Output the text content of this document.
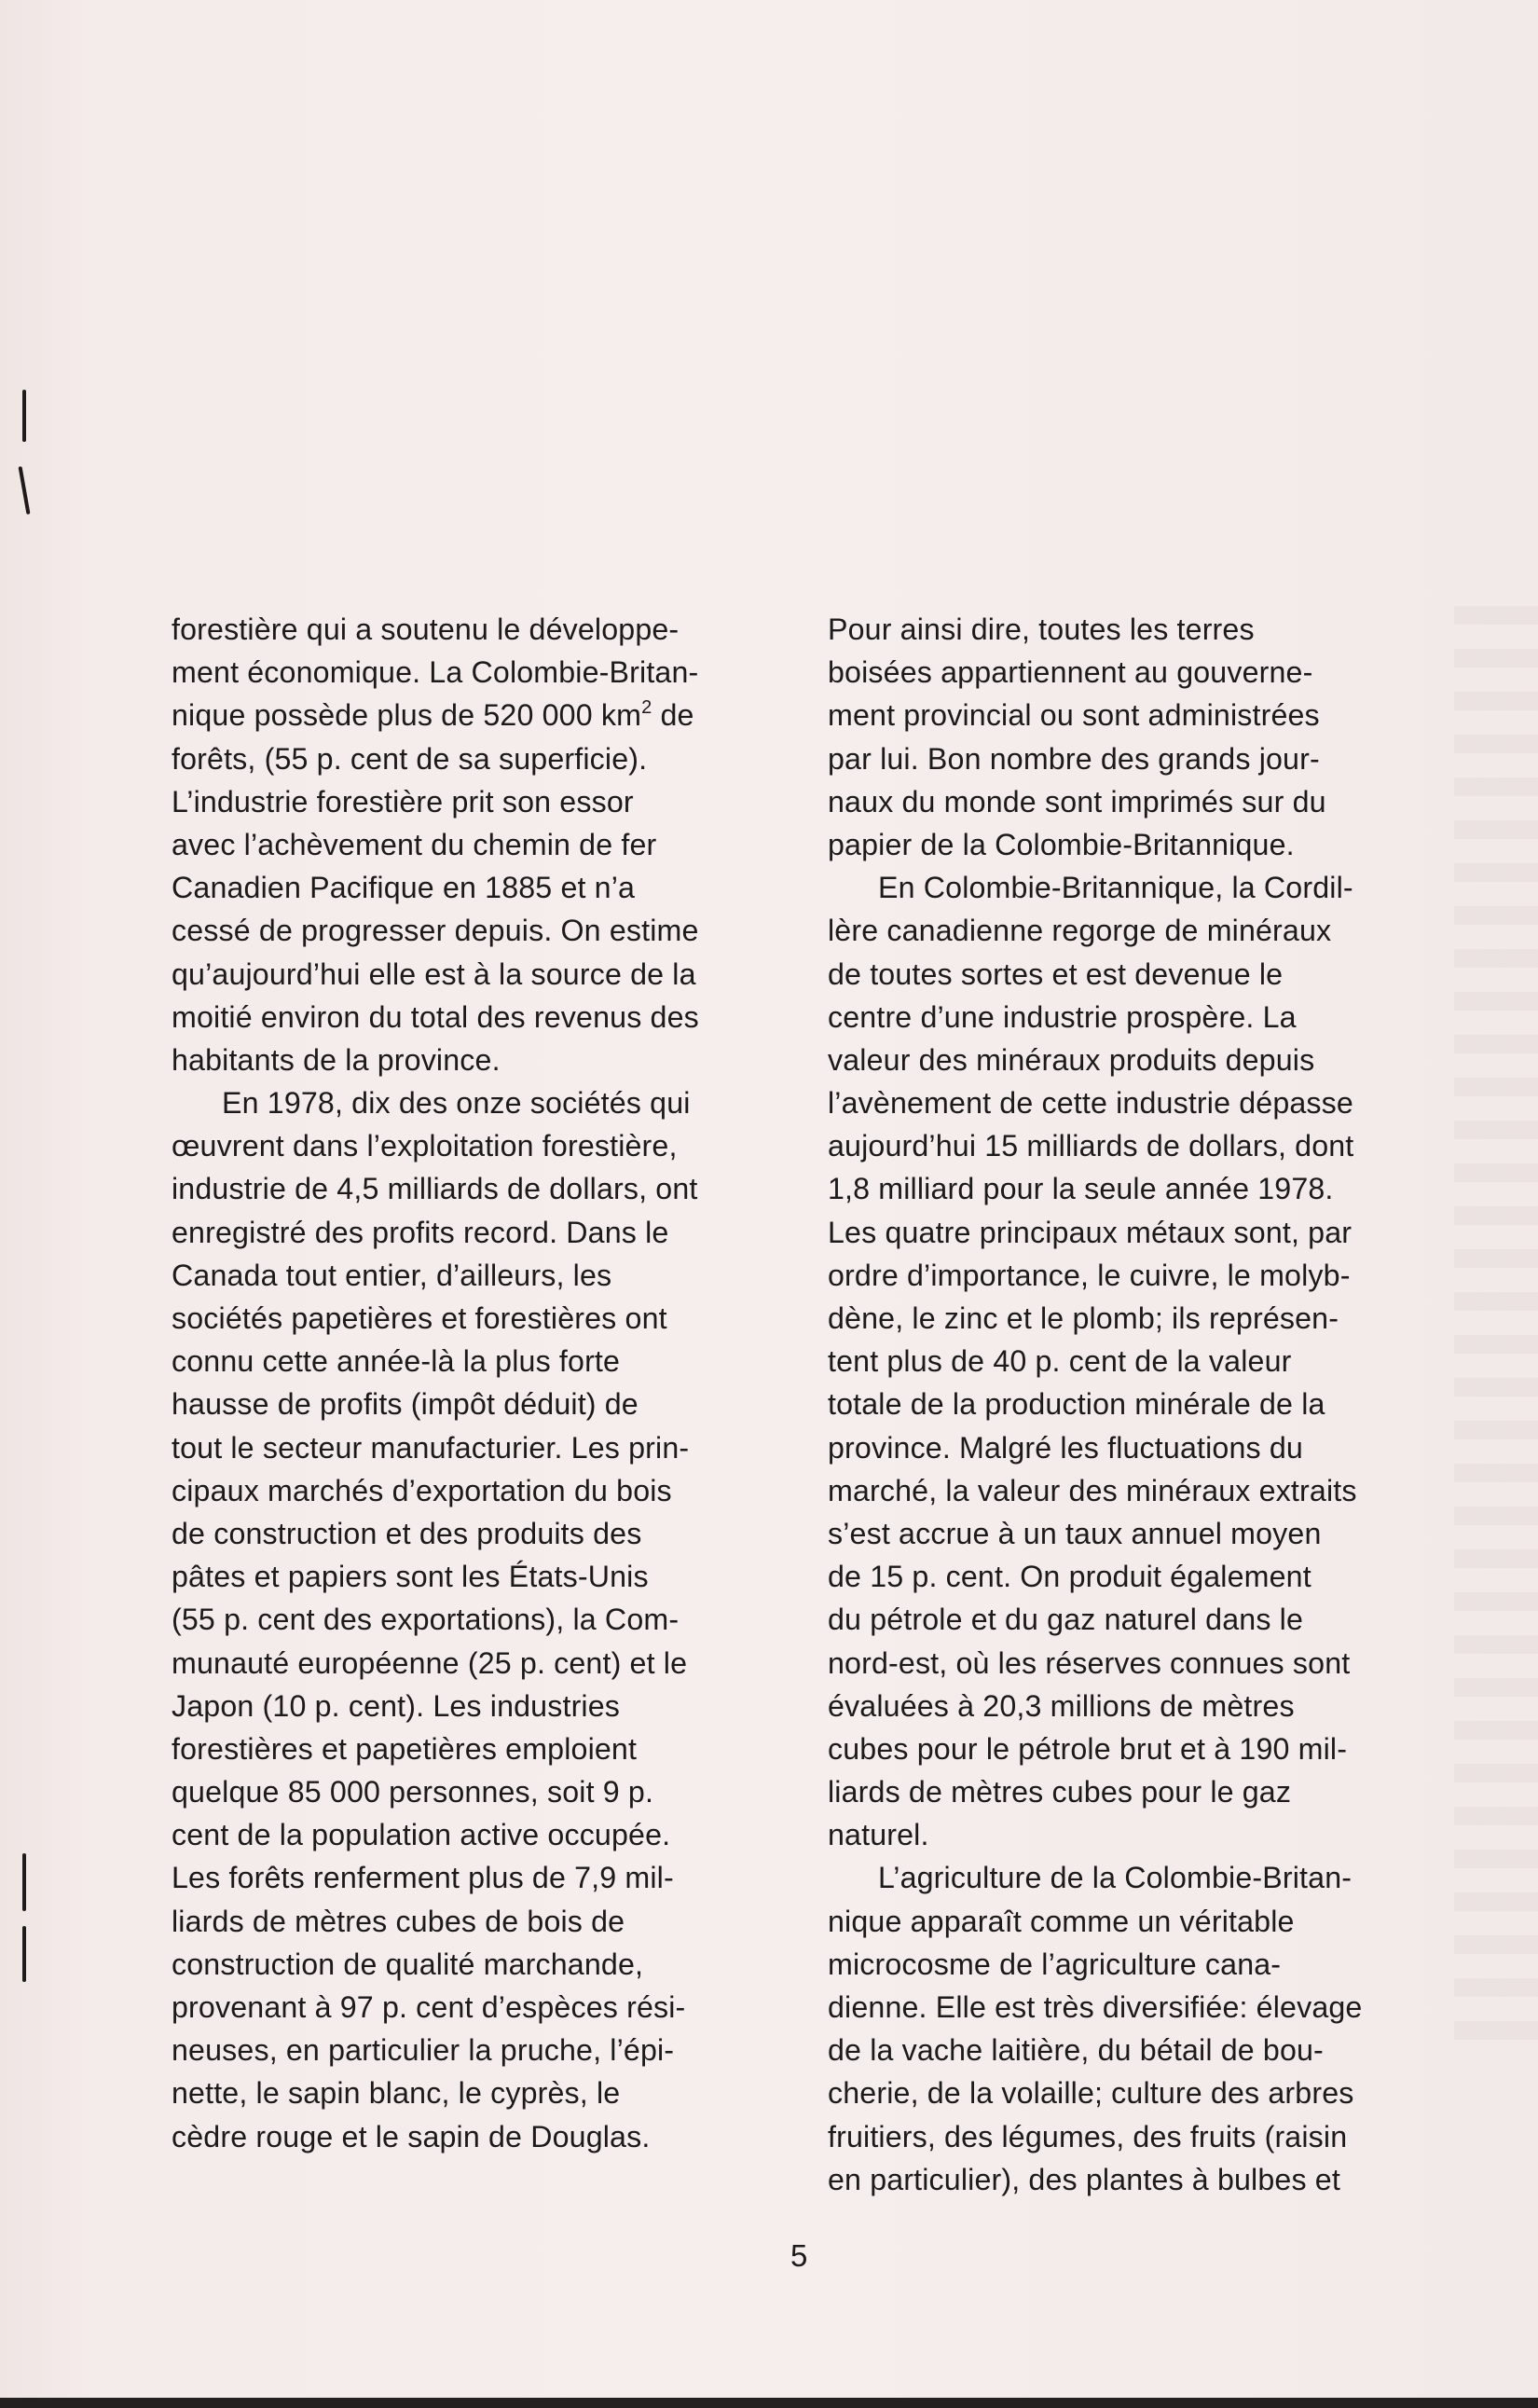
forestière qui a soutenu le développe-
ment économique. La Colombie-Britan-
nique possède plus de 520 000 $km^2$ de
forêts, (55 p. cent de sa superficie).
L’industrie forestière prit son essor
avec l’achèvement du chemin de fer
Canadien Pacifique en 1885 et n’a
cessé de progresser depuis. On estime
qu’aujourd’hui elle est à la source de la
moitié environ du total des revenus des
habitants de la province.
En 1978, dix des onze sociétés qui
œuvrent dans l’exploitation forestière,
industrie de 4,5 milliards de dollars, ont
enregistré des profits record. Dans le
Canada tout entier, d’ailleurs, les
sociétés papetières et forestières ont
connu cette année-là la plus forte
hausse de profits (impôt déduit) de
tout le secteur manufacturier. Les prin-
cipaux marchés d’exportation du bois
de construction et des produits des
pâtes et papiers sont les États-Unis
(55 p. cent des exportations), la Com-
munauté européenne (25 p. cent) et le
Japon (10 p. cent). Les industries
forestières et papetières emploient
quelque 85 000 personnes, soit 9 p.
cent de la population active occupée.
Les forêts renferment plus de 7,9 mil-
liards de mètres cubes de bois de
construction de qualité marchande,
provenant à 97 p. cent d’espèces rési-
neuses, en particulier la pruche, l’épi-
nette, le sapin blanc, le cyprès, le
cèdre rouge et le sapin de Douglas.
Pour ainsi dire, toutes les terres
boisées appartiennent au gouverne-
ment provincial ou sont administrées
par lui. Bon nombre des grands jour-
naux du monde sont imprimés sur du
papier de la Colombie-Britannique.
En Colombie-Britannique, la Cordil-
lère canadienne regorge de minéraux
de toutes sortes et est devenue le
centre d’une industrie prospère. La
valeur des minéraux produits depuis
l’avènement de cette industrie dépasse
aujourd’hui 15 milliards de dollars, dont
1,8 milliard pour la seule année 1978.
Les quatre principaux métaux sont, par
ordre d’importance, le cuivre, le molyb-
dène, le zinc et le plomb; ils représen-
tent plus de 40 p. cent de la valeur
totale de la production minérale de la
province. Malgré les fluctuations du
marché, la valeur des minéraux extraits
s’est accrue à un taux annuel moyen
de 15 p. cent. On produit également
du pétrole et du gaz naturel dans le
nord-est, où les réserves connues sont
évaluées à 20,3 millions de mètres
cubes pour le pétrole brut et à 190 mil-
liards de mètres cubes pour le gaz
naturel.
L’agriculture de la Colombie-Britan-
nique apparaît comme un véritable
microcosme de l’agriculture cana-
dienne. Elle est très diversifiée: élevage
de la vache laitière, du bétail de bou-
cherie, de la volaille; culture des arbres
fruitiers, des légumes, des fruits (raisin
en particulier), des plantes à bulbes et
5
